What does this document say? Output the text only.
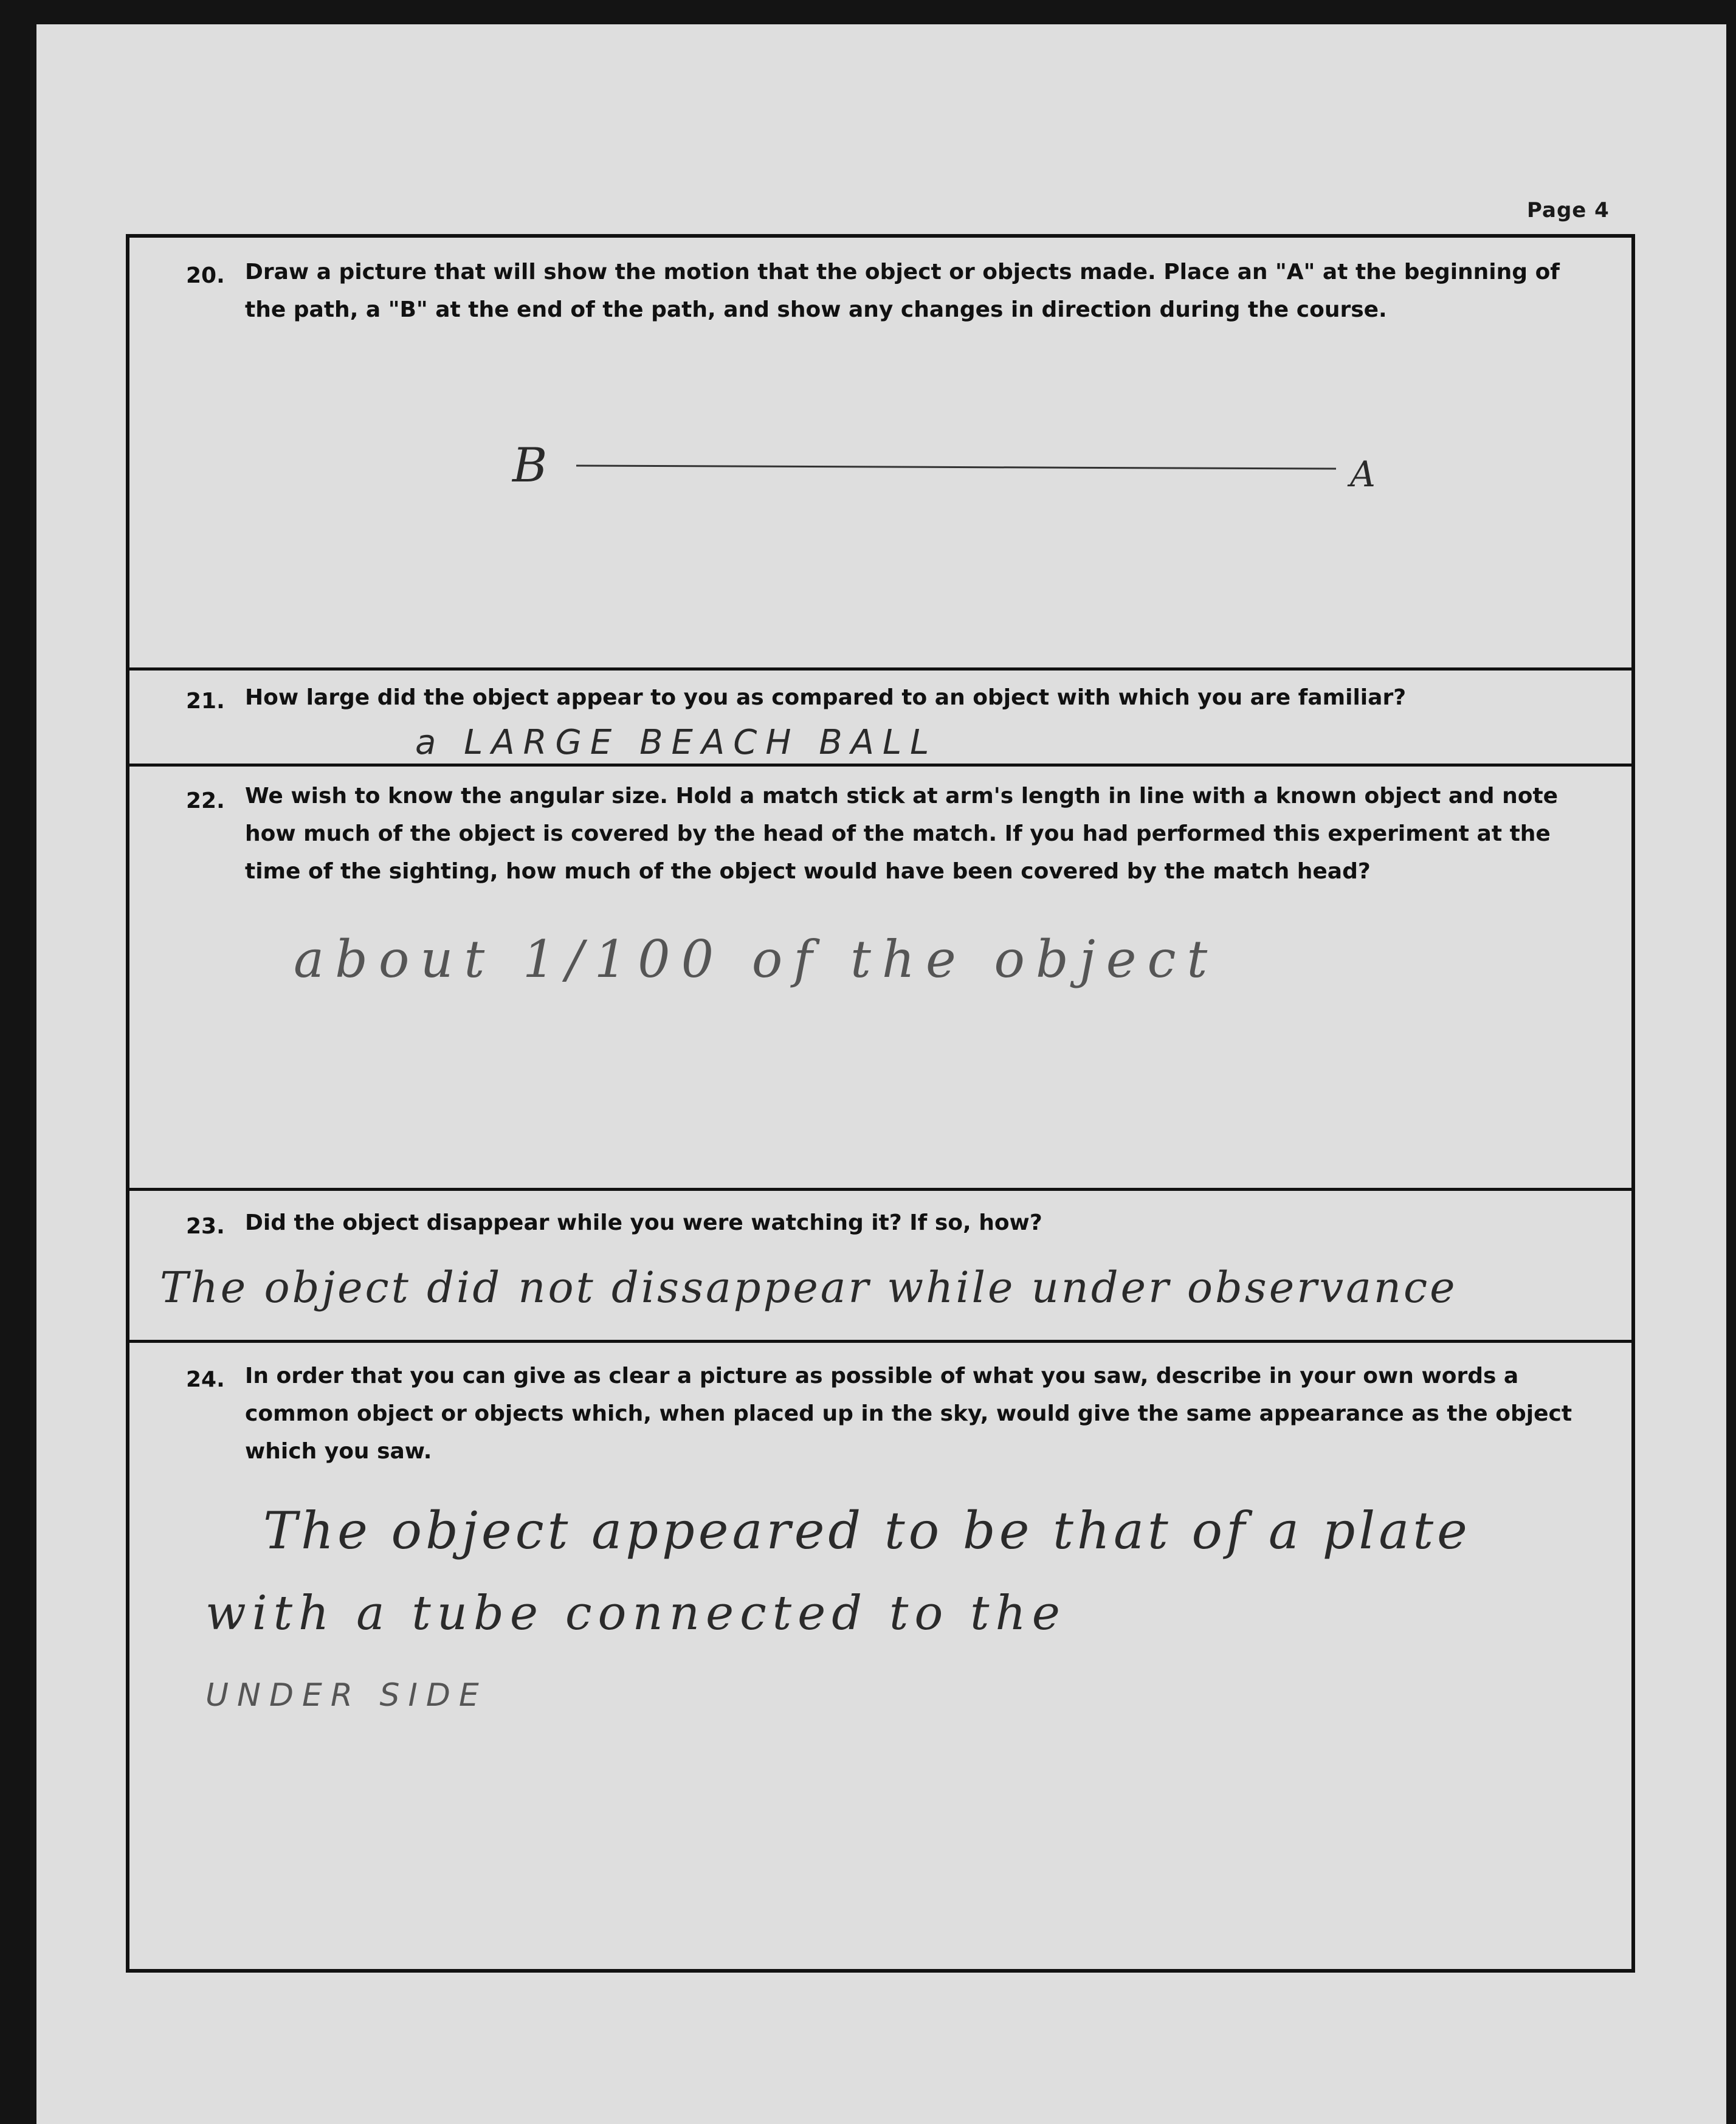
Page 4
20. Draw a picture that will show the motion that the object or objects made. Place an "A" at the beginning of the path, a "B" at the end of the path, and show any changes in direction during the course.
B	A
21. How large did the object appear to you as compared to an object with which you are familiar?
a LARGE BEACH BALL
22. We wish to know the angular size. Hold a match stick at arm's length in line with a known object and note how much of the object is covered by the head of the match. If you had performed this experiment at the time of the sighting, how much of the object would have been covered by the match head?
about 1/100 of the object
23. Did the object disappear while you were watching it? If so, how?
The object did not dissappear while under observance
24. In order that you can give as clear a picture as possible of what you saw, describe in your own words a common object or objects which, when placed up in the sky, would give the same appearance as the object which you saw.
The object appeared to be that of a plate
with a tube connected to the
UNDER SIDE
